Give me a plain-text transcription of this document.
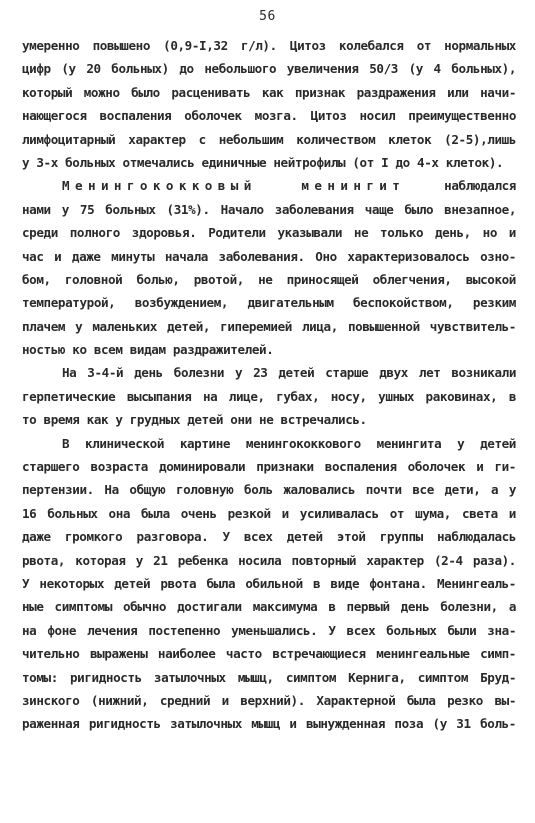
56
умеренно повышено (0,9-I,32 г/л). Цитоз колебался от нормальных
цифр (у 20 больных) до небольшого увеличения 50/3 (у 4 больных),
который можно было расценивать как признак раздражения или начи-
нающегося воспаления оболочек мозга. Цитоз носил преимущественно
лимфоцитарный характер с небольшим количеством клеток (2-5),лишь
у 3-х больных отмечались единичные нейтрофилы (от I до 4-х клеток).
Менингококковый менингит наблюдался
нами у 75 больных (31%). Начало заболевания чаще было внезапное,
среди полного здоровья. Родители указывали не только день, но и
час и даже минуты начала заболевания. Оно характеризовалось озно-
бом, головной болью, рвотой, не приносящей облегчения, высокой
температурой, возбуждением, двигательным беспокойством, резким
плачем у маленьких детей, гиперемией лица, повышенной чувствитель-
ностью ко всем видам раздражителей.
На 3-4-й день болезни у 23 детей старше двух лет возникали
герпетические высыпания на лице, губах, носу, ушных раковинах, в
то время как у грудных детей они не встречались.
В клинической картине менингококкового менингита у детей
старшего возраста доминировали признаки воспаления оболочек и ги-
пертензии. На общую головную боль жаловались почти все дети, а у
16 больных она была очень резкой и усиливалась от шума, света и
даже громкого разговора. У всех детей этой группы наблюдалась
рвота, которая у 21 ребенка носила повторный характер (2-4 раза).
У некоторых детей рвота была обильной в виде фонтана. Менингеаль-
ные симптомы обычно достигали максимума в первый день болезни, а
на фоне лечения постепенно уменьшались. У всех больных были зна-
чительно выражены наиболее часто встречающиеся менингеальные симп-
томы: ригидность затылочных мышц, симптом Кернига, симптом Бруд-
зинского (нижний, средний и верхний). Характерной была резко вы-
раженная ригидность затылочных мышц и вынужденная поза (у 31 боль-
